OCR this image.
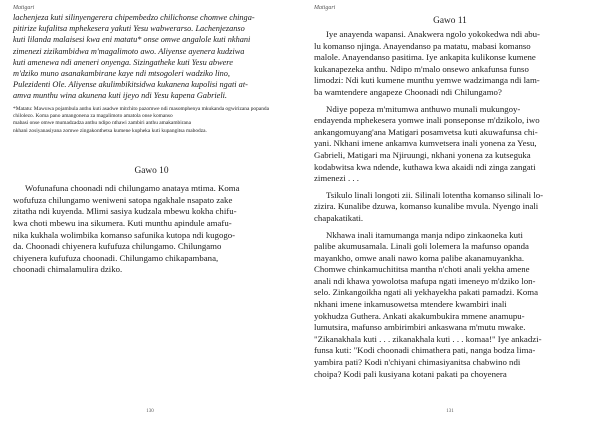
Matigari
lachenjeza kuti silinyengerera chipembedzo chilichonse chomwe chinga-
pitirize kufalitsa mphekesera yakuti Yesu wabwerarso. Lachenjezanso
kuti lilanda malaisesi kwa eni matatu* onse omwe angalole kuti nkhani
zimenezi zizikambidwa m'magalimoto awo. Aliyense ayenera kudziwa
kuti amenewa ndi aneneri onyenga. Sizingatheke kuti Yesu abwere
m'dziko muno asanakambirane kaye ndi mtsogoleri wadziko lino,
Pulezidenti Ole. Aliyense akulimbikitsidwa kukanena kupolisi ngati at-
amva munthu wina akunena kuti ijeyo ndi Yesu kapena Gabrieli.
*Matatu: Mawuwa pojambula anthu kuti asadwe mitchito pazomwe ndi masomphenya mkukanda ogwirizana popanda
chilolezo. Koma pano amangonena za magalimoto amatola onse komanso
mabasi onse omwe mumadzadza anthu ndipo nthawi zambiri anthu amakambirana
nkhani zosiyanasiyana zomwe zingakonthetsa kumene kupheka kuti kupangitsa mabodza.
Gawo 10
Wofunafuna choonadi ndi chilungamo anataya mtima. Koma
wofufuza chilungamo weniweni satopa ngakhale nsapato zake
zitatha ndi kuyenda. Mlimi sasiya kudzala mbewu kokha chifu-
kwa choti mbewu ina sikumera. Kuti munthu apindule amafu-
nika kukhala wolimbika komanso safunika kutopa ndi kugogo-
da. Choonadi chiyenera kufufuza chilungamo. Chilungamo
chiyenera kufufuza choonadi. Chilungamo chikapambana,
choonadi chimalamulira dziko.
130
Matigari
Gawo 11
Iye anayenda wapansi. Anakwera ngolo yokokedwa ndi abu-
lu komanso njinga. Anayendanso pa matatu, mabasi komanso
malole. Anayendanso pasitima. Iye ankapita kulikonse kumene
kukanapezeka anthu. Ndipo m'malo onsewo ankafunsa funso
limodzi: Ndi kuti kumene munthu yemwe wadzimanga ndi lam-
ba wamtendere angapeze Choonadi ndi Chilungamo?
Ndiye popeza m'mitumwa anthuwo munali mukungoy-
endayenda mphekesera yomwe inali ponseponse m'dzikolo, iwo
ankangomuyang'ana Matigari posamvetsa kuti akuwafunsa chi-
yani. Nkhani imene ankamva kumvetsera inali yonena za Yesu,
Gabrieli, Matigari ma Njiruungi, nkhani yonena za kutseguka
kodabwitsa kwa ndende, kuthawa kwa akaidi ndi zinga zangati
zimenezi . . .
Tsikulo linali longoti zii. Silinali lotentha komanso silinali lo-
zizira. Kunalibe dzuwa, komanso kunalibe mvula. Nyengo inali
chapakatikati.
Nkhawa inali itamumanga manja ndipo zinkaoneka kuti
palibe akumusamala. Linali goli lolemera la mafunso opanda
mayankho, omwe anali nawo koma palibe akanamuyankha.
Chomwe chinkamuchititsa mantha n'choti anali yekha amene
anali ndi khawa yowolotsa mafupa ngati imeneyo m'dziko lon-
selo. Zinkangoikha ngati ali yekhayekha pakati pamadzi. Koma
nkhani imene inkamusowetsa mtendere kwambiri inali
yokhudza Guthera. Ankati akakumbukira mmene anamupu-
lumutsira, mafunso ambirimbiri ankaswana m'mutu mwake.
"Zikanakhala kuti . . . zikanakhala kuti . . . komaa!" Iye ankadzi-
funsa kuti: "Kodi choonadi chimathera pati, nanga bodza lima-
yambira pati? Kodi n'chiyani chimasiyanitsa chabwino ndi
choipa? Kodi pali kusiyana kotani pakati pa choyenera
131
